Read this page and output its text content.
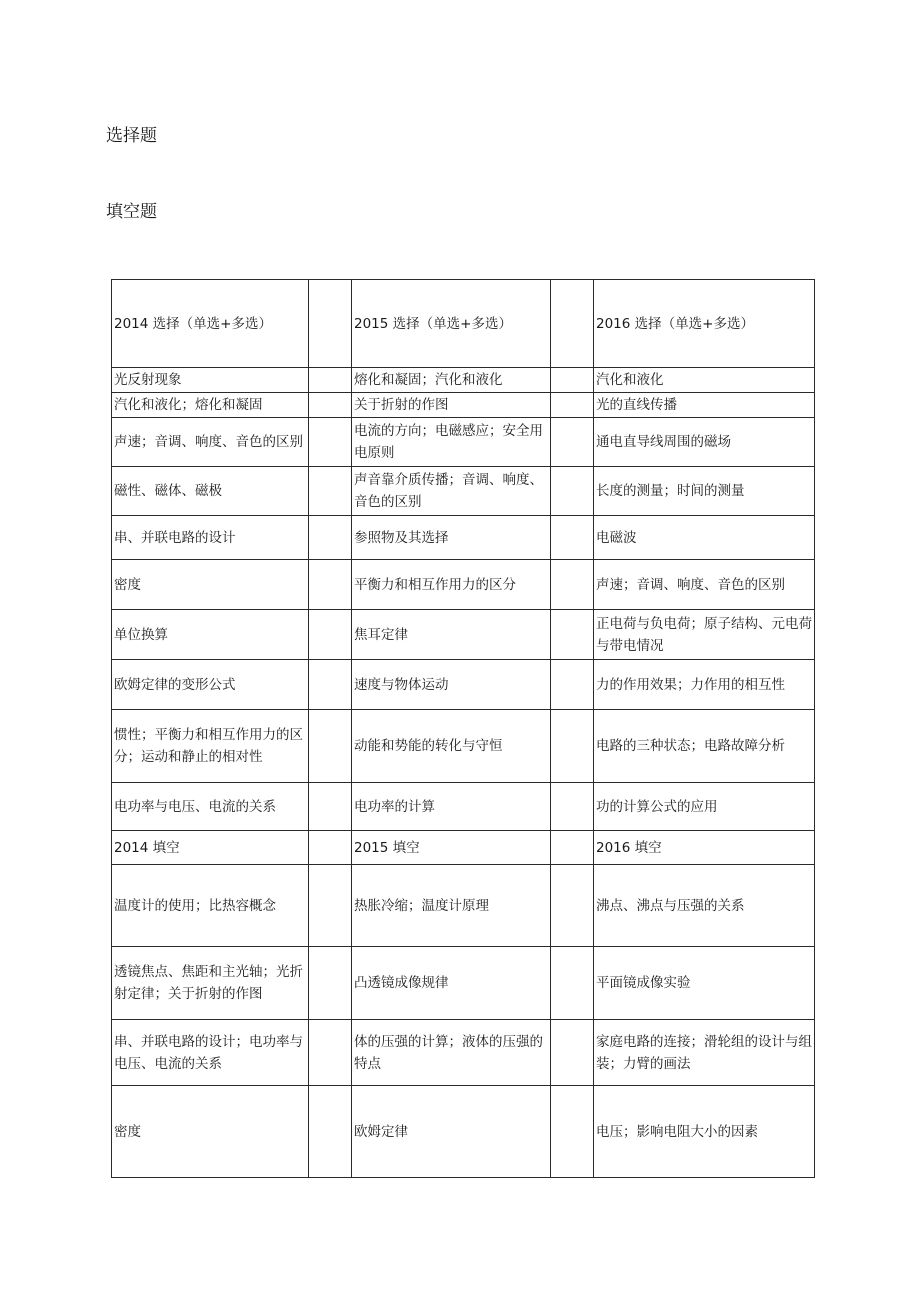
选择题
填空题
2014 选择（单选+多选）		2015 选择（单选+多选）		2016 选择（单选+多选）
光反射现象		熔化和凝固；汽化和液化		汽化和液化
汽化和液化；熔化和凝固		关于折射的作图		光的直线传播
声速；音调、响度、音色的区别		电流的方向；电磁感应；安全用电原则		通电直导线周围的磁场
磁性、磁体、磁极		声音靠介质传播；音调、响度、音色的区别		长度的测量；时间的测量
串、并联电路的设计		参照物及其选择		电磁波
密度		平衡力和相互作用力的区分		声速；音调、响度、音色的区别
单位换算		焦耳定律		正电荷与负电荷；原子结构、元电荷与带电情况
欧姆定律的变形公式		速度与物体运动		力的作用效果；力作用的相互性
惯性；平衡力和相互作用力的区分；运动和静止的相对性		动能和势能的转化与守恒		电路的三种状态；电路故障分析
电功率与电压、电流的关系		电功率的计算		功的计算公式的应用
2014 填空		2015 填空		2016 填空
温度计的使用；比热容概念		热胀冷缩；温度计原理		沸点、沸点与压强的关系
透镜焦点、焦距和主光轴；光折射定律；关于折射的作图		凸透镜成像规律		平面镜成像实验
串、并联电路的设计；电功率与电压、电流的关系		体的压强的计算；液体的压强的特点		家庭电路的连接；滑轮组的设计与组装；力臂的画法
密度		欧姆定律		电压；影响电阻大小的因素
